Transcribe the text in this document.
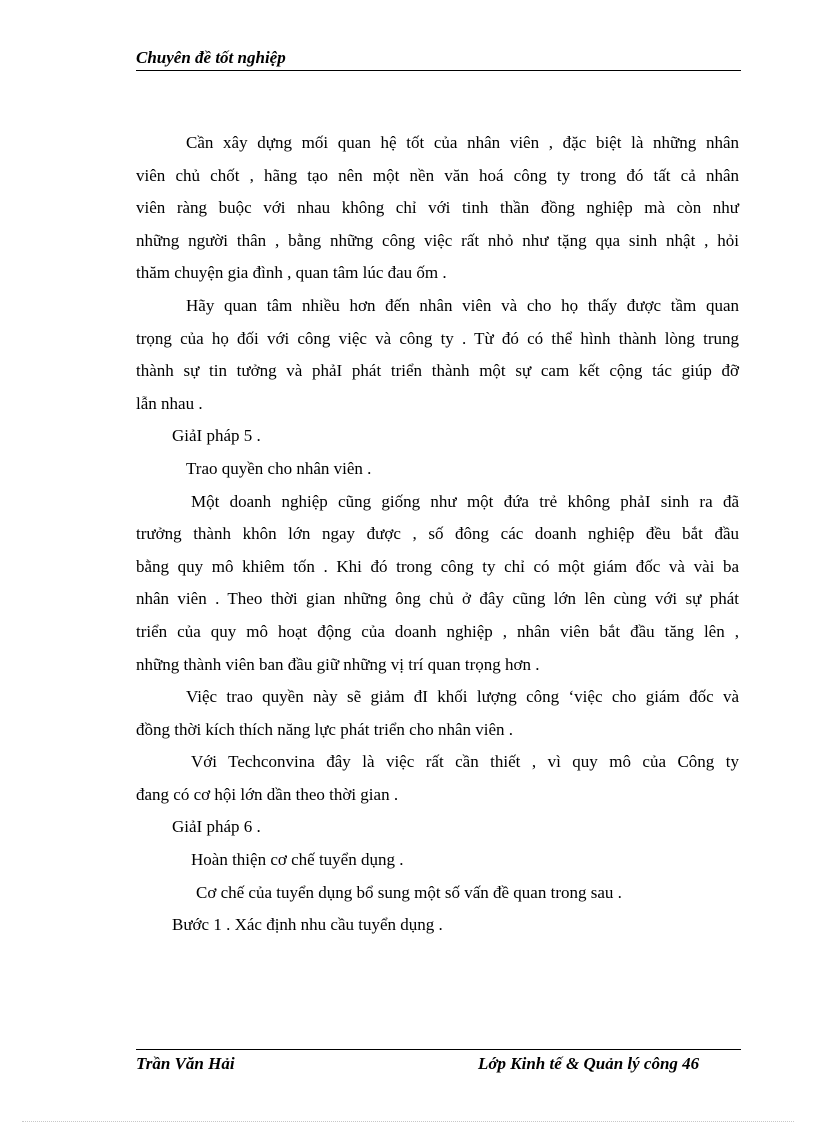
Chuyên đề tốt nghiệp
Cần xây dựng mối quan hệ tốt của nhân viên , đặc biệt là những nhân
viên chủ chốt , hãng tạo nên một nền văn hoá công ty trong đó tất cả nhân
viên ràng buộc với nhau không chỉ với tinh thần đồng nghiệp mà còn như
những người thân , bằng những công việc rất nhỏ như tặng qụa sinh nhật , hỏi
thăm chuyện gia đình , quan tâm lúc đau ốm .
Hãy quan tâm nhiều hơn đến nhân viên và cho họ thấy được tầm quan
trọng của họ đối với công việc và công ty . Từ đó có thể hình thành lòng trung
thành sự tin tưởng và phảI phát triển thành một sự cam kết cộng tác giúp đỡ
lẫn nhau .
GiảI pháp 5 .
Trao quyền cho nhân viên .
Một doanh nghiệp cũng giống như một đứa trẻ không phảI sinh ra đã
trưởng thành khôn lớn ngay được , số đông các doanh nghiệp đều bắt đầu
bằng quy mô khiêm tốn . Khi đó trong công ty chỉ có một giám đốc và vài ba
nhân viên . Theo thời gian những ông chủ ở đây cũng lớn lên cùng với sự phát
triển của quy mô hoạt động của doanh nghiệp , nhân viên bắt đầu tăng lên ,
những thành viên ban đầu giữ những vị trí quan trọng hơn .
Việc trao quyền này sẽ giảm đI khối lượng công ‘việc cho giám đốc và
đồng thời kích thích năng lực phát triển cho nhân viên .
Với Techconvina đây là việc rất cần thiết , vì quy mô của Công ty
đang có cơ hội lớn dần theo thời gian .
GiảI pháp 6 .
Hoàn thiện cơ chế tuyển dụng .
Cơ chế của tuyển dụng bổ sung một số vấn đề quan trong sau .
Bước 1 . Xác định nhu cầu tuyển dụng .
Trần Văn Hải	Lớp Kinh tế & Quản lý công 46
